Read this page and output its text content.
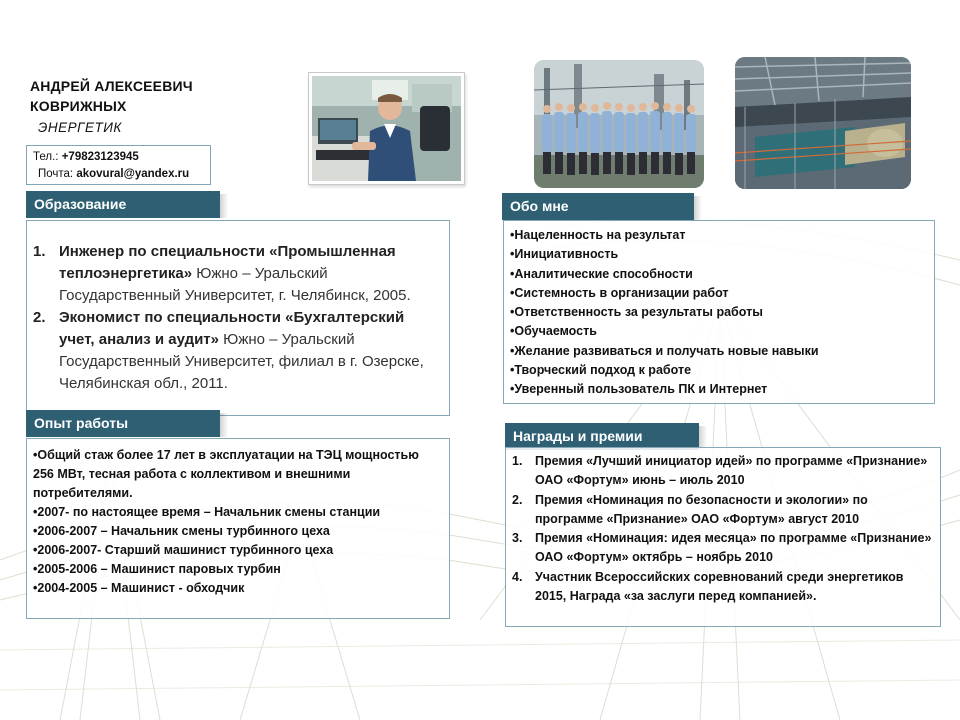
АНДРЕЙ АЛЕКСЕЕВИЧ
КОВРИЖНЫХ
ЭНЕРГЕТИК
Тел.: +79823123945
Почта: akovural@yandex.ru
Образование
1. Инженер по специальности «Промышленная теплоэнергетика» Южно – Уральский Государственный Университет, г. Челябинск, 2005.
2. Экономист по специальности «Бухгалтерский учет, анализ и аудит» Южно – Уральский Государственный Университет, филиал в г. Озерске, Челябинская обл., 2011.
Опыт работы
•Общий стаж более 17 лет в эксплуатации на ТЭЦ мощностью 256 МВт, тесная работа с коллективом и внешними потребителями.
•2007- по настоящее время – Начальник смены станции
•2006-2007 – Начальник смены турбинного цеха
•2006-2007- Старший машинист турбинного цеха
•2005-2006 – Машинист паровых турбин
•2004-2005 – Машинист - обходчик
Обо мне
•Нацеленность на результат
•Инициативность
•Аналитические способности
•Системность в организации работ
•Ответственность за результаты работы
•Обучаемость
•Желание развиваться и получать новые навыки
•Творческий подход к работе
•Уверенный пользователь ПК и Интернет
Награды и премии
1.	Премия «Лучший инициатор идей» по программе «Признание» ОАО «Фортум» июнь – июль 2010
2.	Премия «Номинация по безопасности и экологии» по программе «Признание» ОАО «Фортум» август 2010
3.	Премия «Номинация: идея месяца» по программе «Признание» ОАО «Фортум» октябрь – ноябрь 2010
4.	Участник Всероссийских соревнований среди энергетиков 2015, Награда «за заслуги перед компанией».
